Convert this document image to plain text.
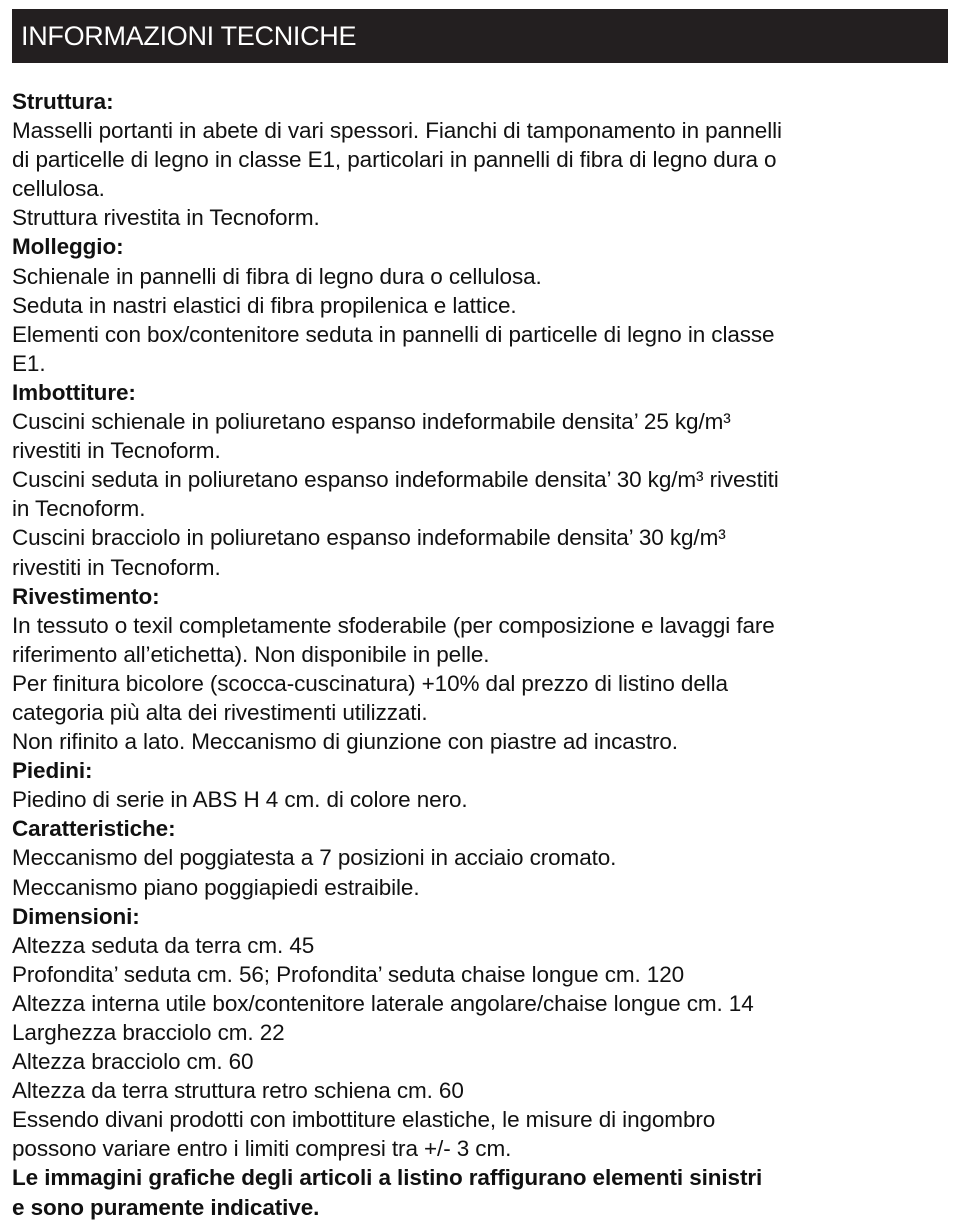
INFORMAZIONI TECNICHE
Struttura:
Masselli portanti in abete di vari spessori. Fianchi di tamponamento in pannelli
di particelle di legno in classe E1, particolari in pannelli di fibra di legno dura o
cellulosa.
Struttura rivestita in Tecnoform.
Molleggio:
Schienale in pannelli di fibra di legno dura o cellulosa.
Seduta in nastri elastici di fibra propilenica e lattice.
Elementi con box/contenitore seduta in pannelli di particelle di legno in classe
E1.
Imbottiture:
Cuscini schienale in poliuretano espanso indeformabile densita’ 25 kg/m³
rivestiti in Tecnoform.
Cuscini seduta in poliuretano espanso indeformabile densita’ 30 kg/m³ rivestiti
in Tecnoform.
Cuscini bracciolo in poliuretano espanso indeformabile densita’ 30 kg/m³
rivestiti in Tecnoform.
Rivestimento:
In tessuto o texil completamente sfoderabile (per composizione e lavaggi fare
riferimento all’etichetta). Non disponibile in pelle.
Per finitura bicolore (scocca-cuscinatura) +10% dal prezzo di listino della
categoria più alta dei rivestimenti utilizzati.
Non rifinito a lato. Meccanismo di giunzione con piastre ad incastro.
Piedini:
Piedino di serie in ABS H 4 cm. di colore nero.
Caratteristiche:
Meccanismo del poggiatesta a 7 posizioni in acciaio cromato.
Meccanismo piano poggiapiedi estraibile.
Dimensioni:
Altezza seduta da terra cm. 45
Profondita’ seduta cm. 56; Profondita’ seduta chaise longue cm. 120
Altezza interna utile box/contenitore laterale angolare/chaise longue cm. 14
Larghezza bracciolo cm. 22
Altezza bracciolo cm. 60
Altezza da terra struttura retro schiena cm. 60
Essendo divani prodotti con imbottiture elastiche, le misure di ingombro
possono variare entro i limiti compresi tra +/- 3 cm.
Le immagini grafiche degli articoli a listino raffigurano elementi sinistri
e sono puramente indicative.
